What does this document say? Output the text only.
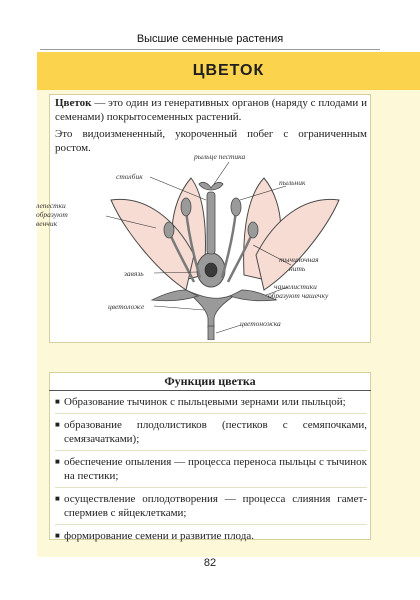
Высшие семенные растения
ЦВЕТОК
Цветок — это один из генеративных органов (наряду с плодами и семенами) покрытосеменных растений.
Это видоизмененный, укороченный побег с ограниченным ростом.
рыльце пестика
столбик
пыльник
лепестки
образуют
венчик
тычиночная
нить
завязь
чашелистики
образуют чашечку
цветоложе
цветоножка
Функции цветка
■ Образование тычинок с пыльцевыми зернами или пыльцой;
■ образование плодолистиков (пестиков с семяпочками, семязачатками);
■ обеспечение опыления — процесса переноса пыльцы с тычинок на пестики;
■ осуществление оплодотворения — процесса слияния гамет-спермиев с яйцеклетками;
■ формирование семени и развитие плода.
82
